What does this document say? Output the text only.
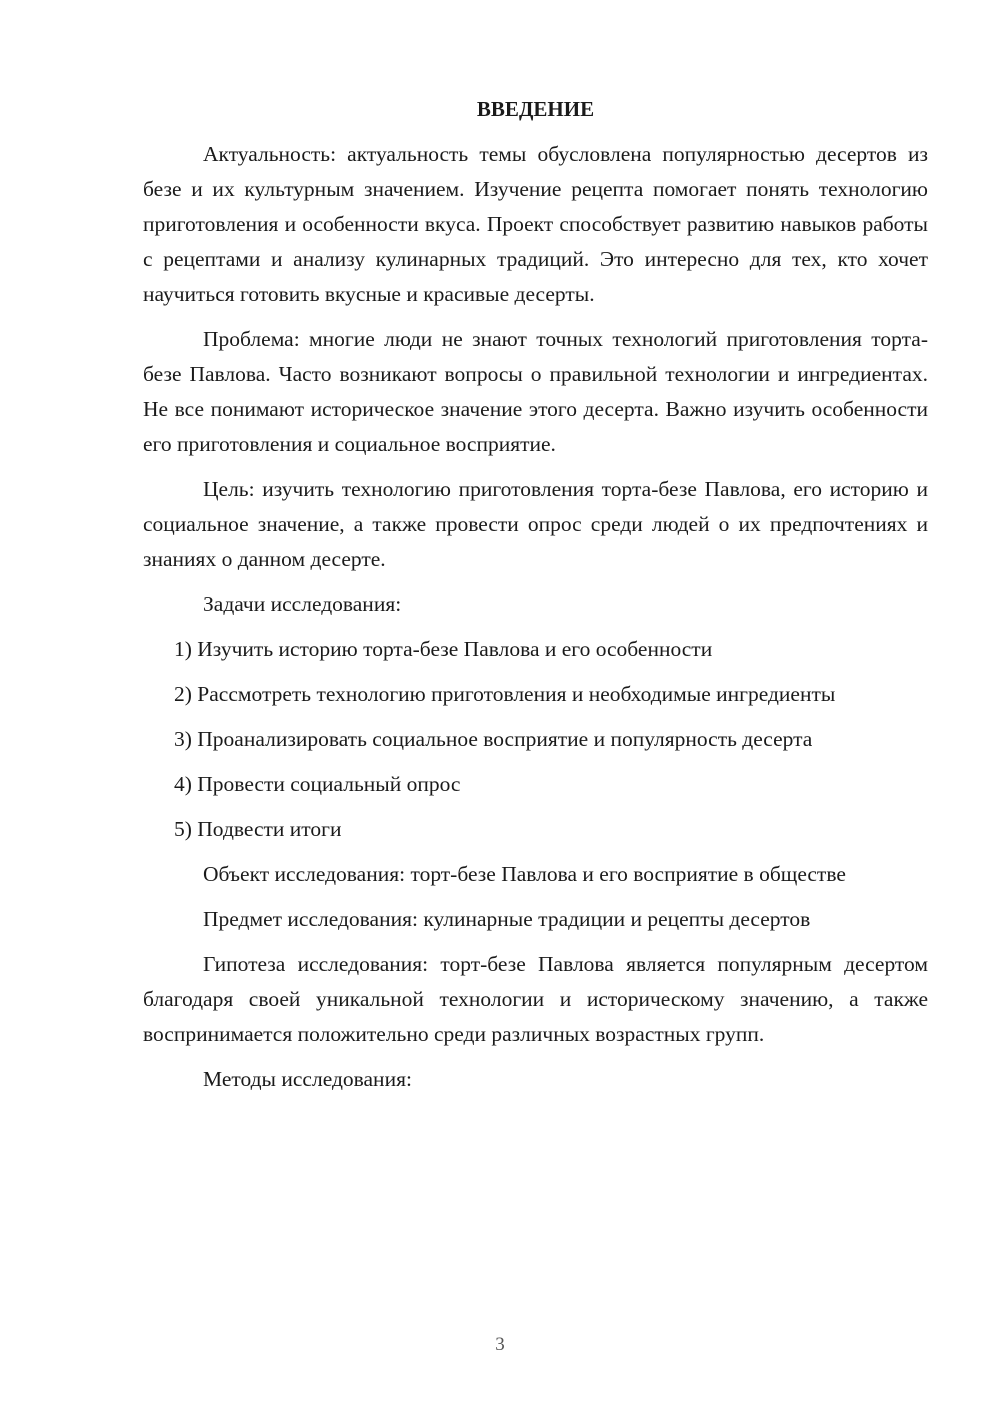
ВВЕДЕНИЕ

Актуальность: актуальность темы обусловлена популярностью десертов из безе и их культурным значением. Изучение рецепта помогает понять технологию приготовления и особенности вкуса. Проект способствует развитию навыков работы с рецептами и анализу кулинарных традиций. Это интересно для тех, кто хочет научиться готовить вкусные и красивые десерты.

Проблема: многие люди не знают точных технологий приготовления торта-безе Павлова. Часто возникают вопросы о правильной технологии и ингредиентах. Не все понимают историческое значение этого десерта. Важно изучить особенности его приготовления и социальное восприятие.

Цель: изучить технологию приготовления торта-безе Павлова, его историю и социальное значение, а также провести опрос среди людей о их предпочтениях и знаниях о данном десерте.

Задачи исследования:

1) Изучить историю торта-безе Павлова и его особенности

2) Рассмотреть технологию приготовления и необходимые ингредиенты

3) Проанализировать социальное восприятие и популярность десерта

4) Провести социальный опрос

5) Подвести итоги

Объект исследования: торт-безе Павлова и его восприятие в обществе

Предмет исследования: кулинарные традиции и рецепты десертов

Гипотеза исследования: торт-безе Павлова является популярным десертом благодаря своей уникальной технологии и историческому значению, а также воспринимается положительно среди различных возрастных групп.

Методы исследования:

3
